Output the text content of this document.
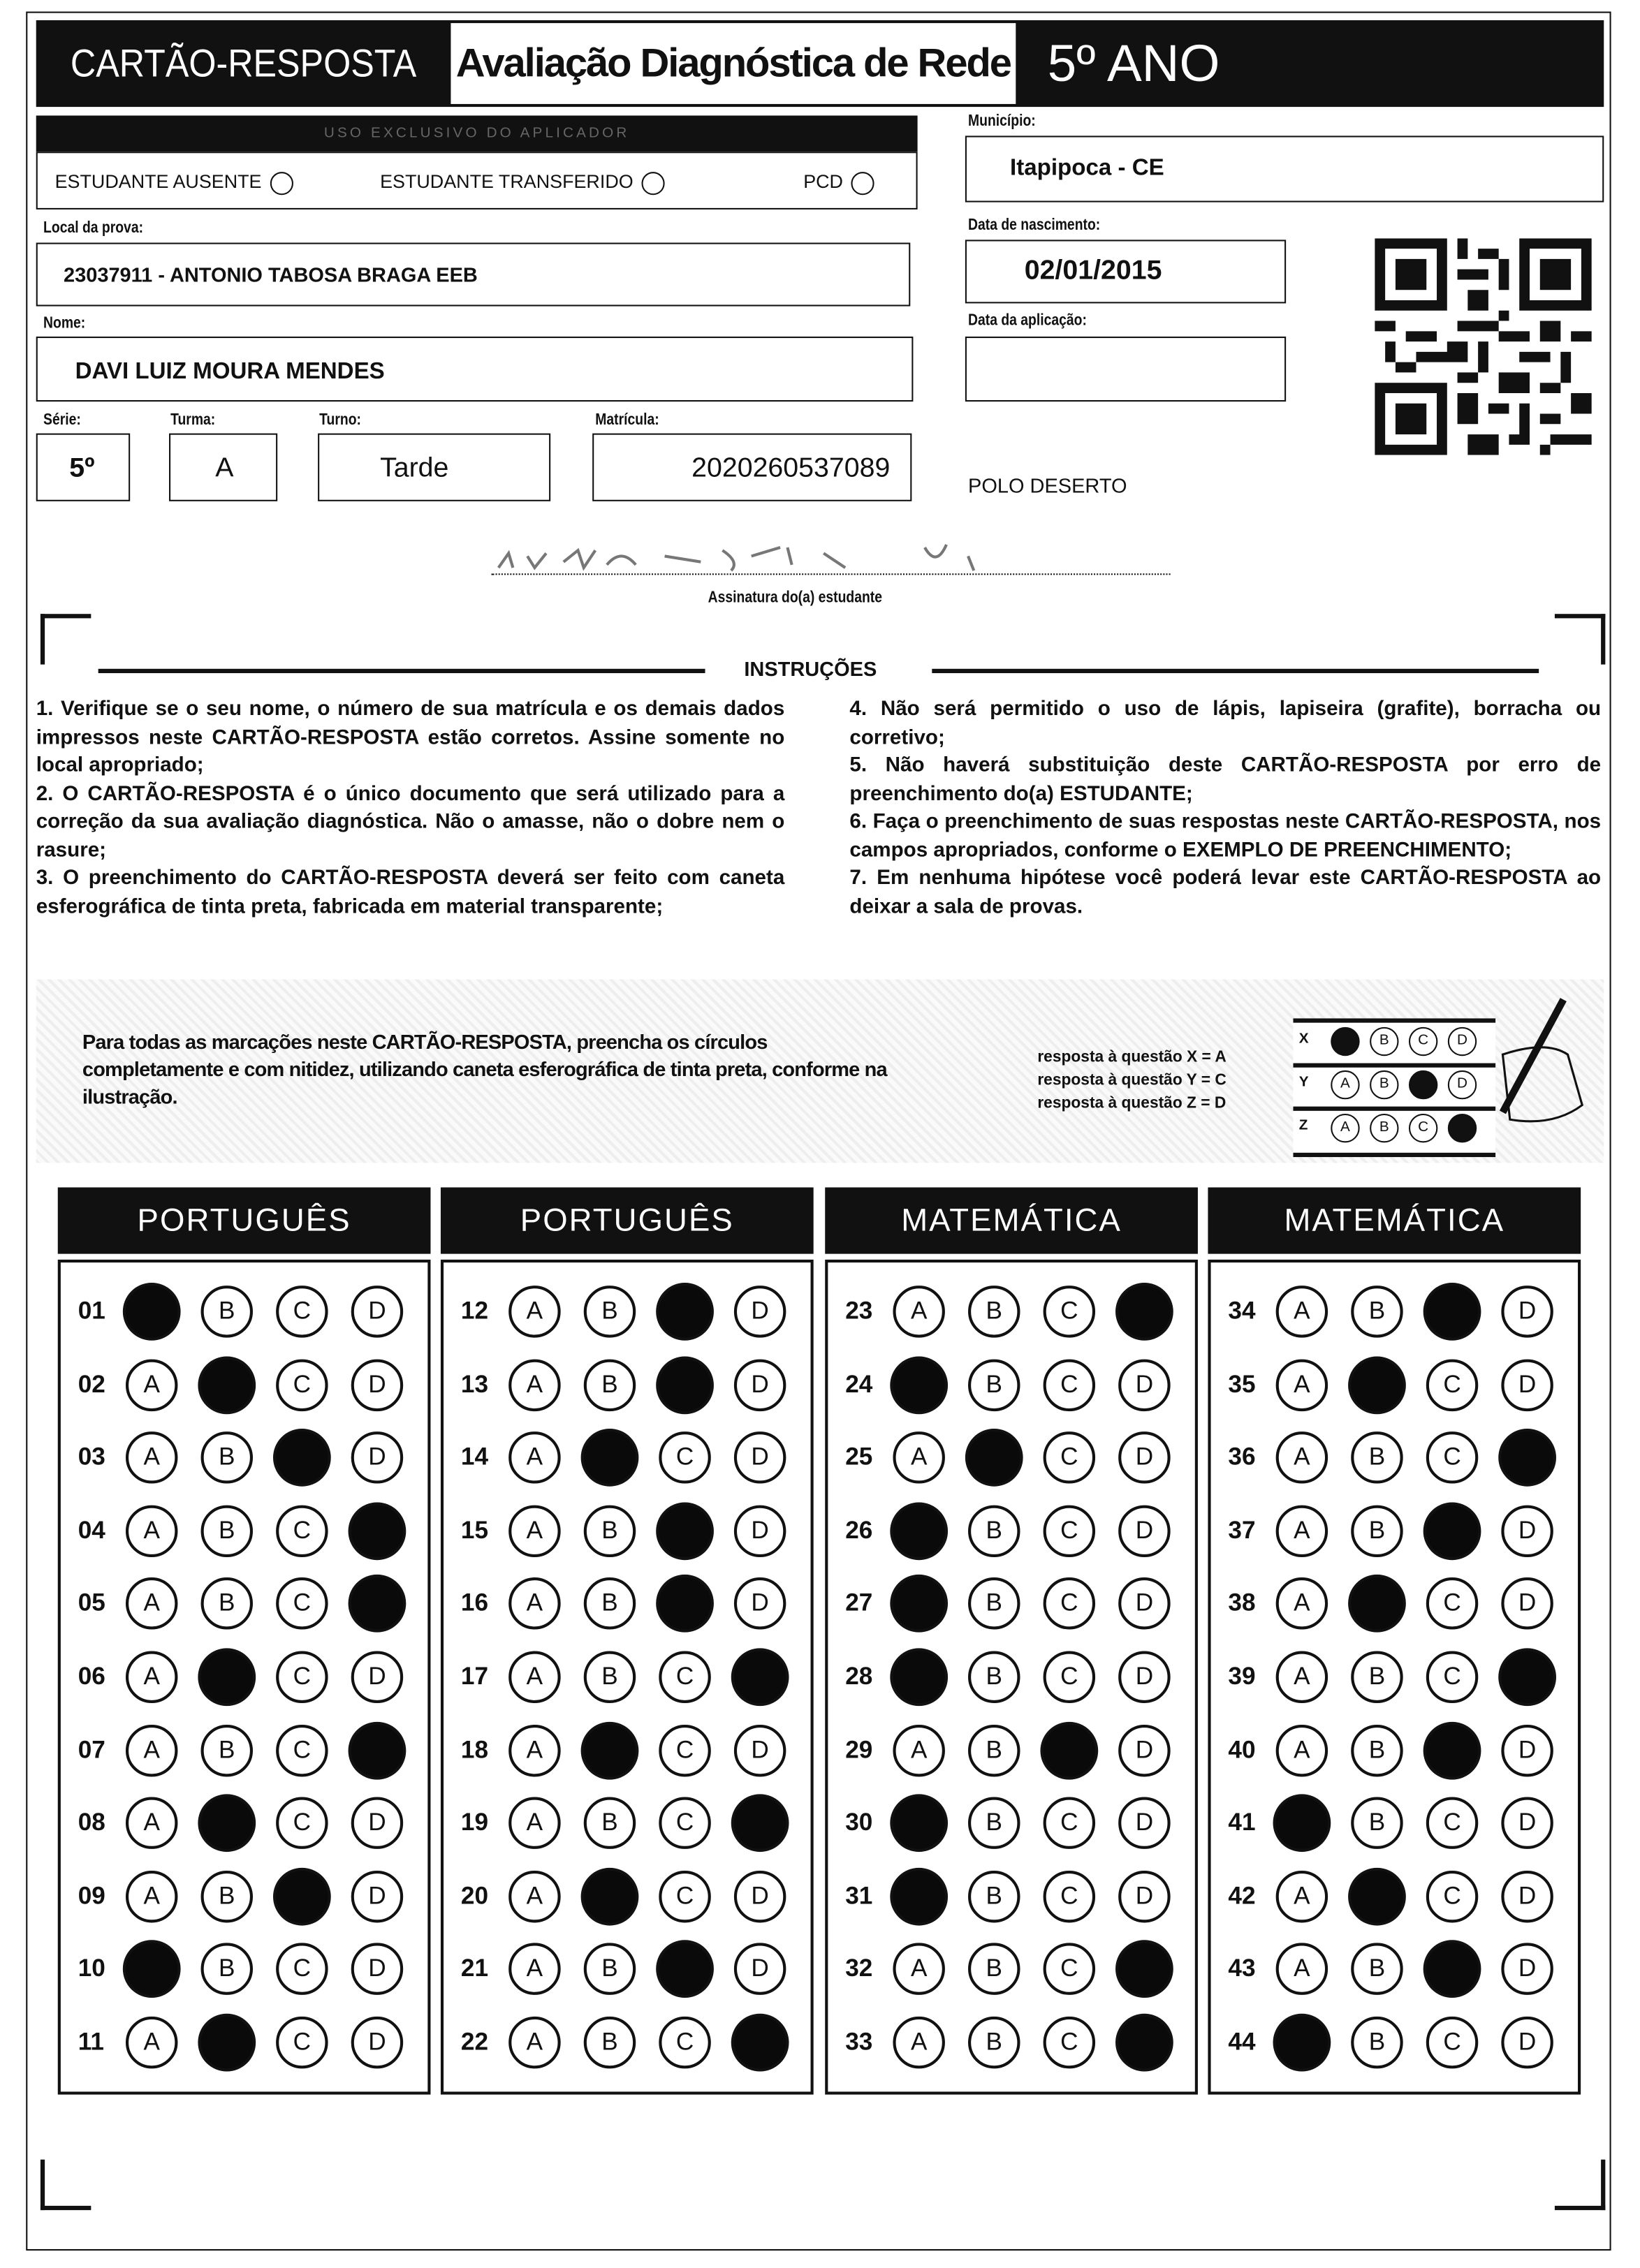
CARTÃO-RESPOSTA	Avaliação Diagnóstica de Rede 5º ANO
USO EXCLUSIVO DO APLICADOR
ESTUDANTE AUSENTE	ESTUDANTE TRANSFERIDO	PCD
Município:
Itapipoca - CE
Local da prova:
23037911 - ANTONIO TABOSA BRAGA EEB
Data de nascimento:
02/01/2015
Nome:
DAVI LUIZ MOURA MENDES
Data da aplicação:
Série:
5º
Turma:
A
Turno:
Tarde
Matrícula:
2020260537089
POLO DESERTO
Assinatura do(a) estudante
INSTRUÇÕES
1. Verifique se o seu nome, o número de sua matrícula e os demais dados impressos neste CARTÃO-RESPOSTA estão corretos. Assine somente no local apropriado;
2. O CARTÃO-RESPOSTA é o único documento que será utilizado para a correção da sua avaliação diagnóstica. Não o amasse, não o dobre nem o rasure;
3. O preenchimento do CARTÃO-RESPOSTA deverá ser feito com caneta esferográfica de tinta preta, fabricada em material transparente;
4. Não será permitido o uso de lápis, lapiseira (grafite), borracha ou corretivo;
5. Não haverá substituição deste CARTÃO-RESPOSTA por erro de preenchimento do(a) ESTUDANTE;
6. Faça o preenchimento de suas respostas neste CARTÃO-RESPOSTA, nos campos apropriados, conforme o EXEMPLO DE PREENCHIMENTO;
7. Em nenhuma hipótese você poderá levar este CARTÃO-RESPOSTA ao deixar a sala de provas.
Para todas as marcações neste CARTÃO-RESPOSTA, preencha os círculos completamente e com nitidez, utilizando caneta esferográfica de tinta preta, conforme na ilustração.
resposta à questão X = A
resposta à questão Y = C
resposta à questão Z = D
X	A	B	C	D
Y	A	B	C	D
Z	A	B	C	D
PORTUGUÊS
01	A	B	C	D
02	A	B	C	D
03	A	B	C	D
04	A	B	C	D
05	A	B	C	D
06	A	B	C	D
07	A	B	C	D
08	A	B	C	D
09	A	B	C	D
10	A	B	C	D
11	A	B	C	D
PORTUGUÊS
12	A	B	C	D
13	A	B	C	D
14	A	B	C	D
15	A	B	C	D
16	A	B	C	D
17	A	B	C	D
18	A	B	C	D
19	A	B	C	D
20	A	B	C	D
21	A	B	C	D
22	A	B	C	D
MATEMÁTICA
23	A	B	C	D
24	A	B	C	D
25	A	B	C	D
26	A	B	C	D
27	A	B	C	D
28	A	B	C	D
29	A	B	C	D
30	A	B	C	D
31	A	B	C	D
32	A	B	C	D
33	A	B	C	D
MATEMÁTICA
34	A	B	C	D
35	A	B	C	D
36	A	B	C	D
37	A	B	C	D
38	A	B	C	D
39	A	B	C	D
40	A	B	C	D
41	A	B	C	D
42	A	B	C	D
43	A	B	C	D
44	A	B	C	D
